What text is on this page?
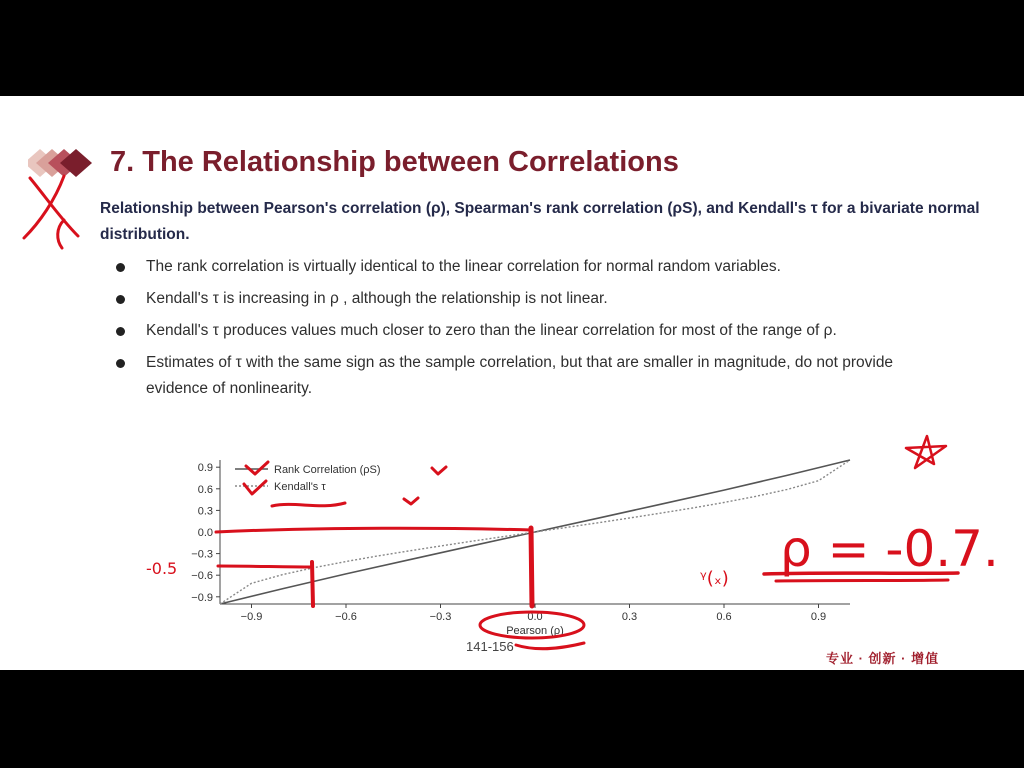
7. The Relationship between Correlations

Relationship between Pearson's correlation (ρ), Spearman's rank correlation (ρS), and Kendall's τ for a bivariate normal distribution.

The rank correlation is virtually identical to the linear correlation for normal random variables.
Kendall's τ is increasing in ρ , although the relationship is not linear.
Kendall's τ produces values much closer to zero than the linear correlation for most of the range of ρ.
Estimates of τ with the same sign as the sample correlation, but that are smaller in magnitude, do not provide evidence of nonlinearity.
−0.9	−0.6	−0.3	0.0	0.3	0.6	0.9
−0.9
−0.6
−0.3
0.0
0.3
0.6
0.9	Rank Correlation (ρS)
Kendall's τ
Pearson (ρ)
141-156
专业 · 创新 · 增值
ρ = -0.7.
-0.5	ᵞ(ₓ)
